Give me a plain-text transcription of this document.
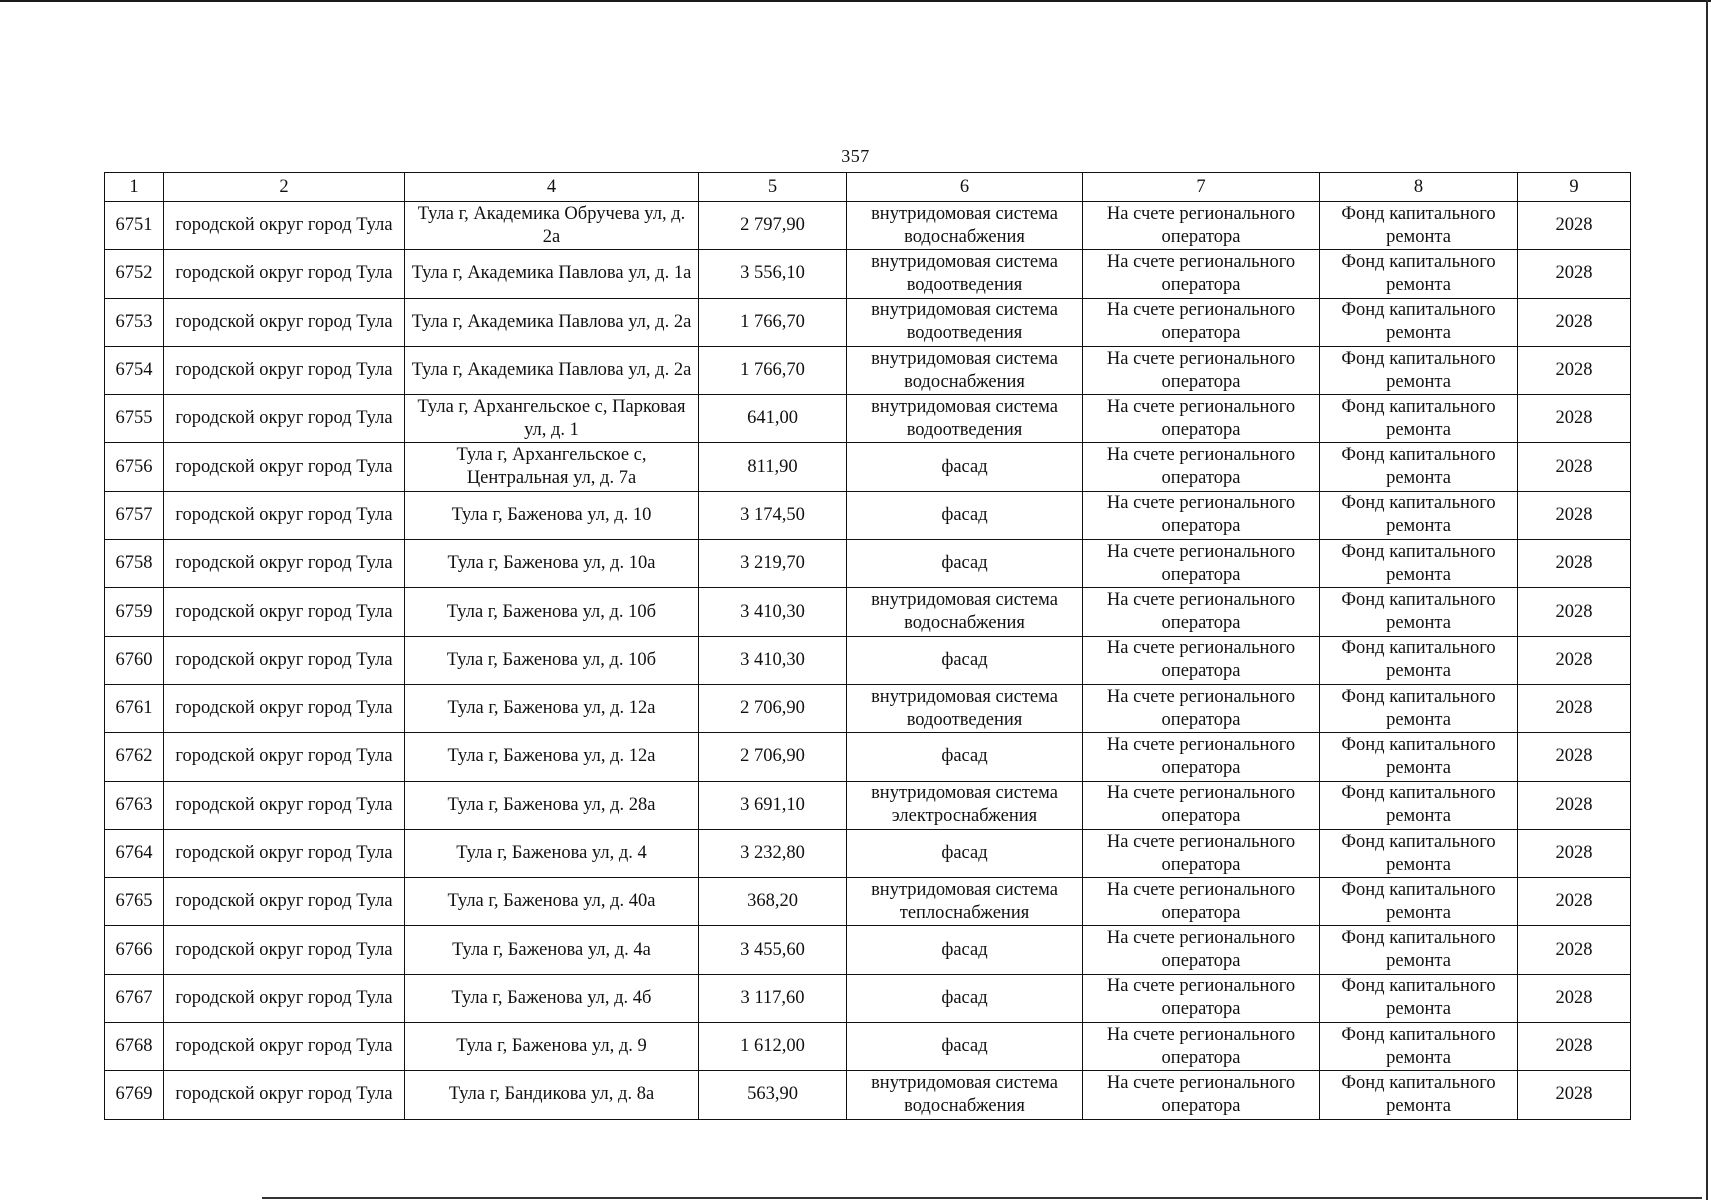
357
1	2	4	5	6	7	8	9
6751	городской округ город Тула	Тула г, Академика Обручева ул, д. 2а	2 797,90	внутридомовая система водоснабжения	На счете регионального оператора	Фонд капитального ремонта	2028
6752	городской округ город Тула	Тула г, Академика Павлова ул, д. 1а	3 556,10	внутридомовая система водоотведения	На счете регионального оператора	Фонд капитального ремонта	2028
6753	городской округ город Тула	Тула г, Академика Павлова ул, д. 2а	1 766,70	внутридомовая система водоотведения	На счете регионального оператора	Фонд капитального ремонта	2028
6754	городской округ город Тула	Тула г, Академика Павлова ул, д. 2а	1 766,70	внутридомовая система водоснабжения	На счете регионального оператора	Фонд капитального ремонта	2028
6755	городской округ город Тула	Тула г, Архангельское с, Парковая ул, д. 1	641,00	внутридомовая система водоотведения	На счете регионального оператора	Фонд капитального ремонта	2028
6756	городской округ город Тула	Тула г, Архангельское с, Центральная ул, д. 7а	811,90	фасад	На счете регионального оператора	Фонд капитального ремонта	2028
6757	городской округ город Тула	Тула г, Баженова ул, д. 10	3 174,50	фасад	На счете регионального оператора	Фонд капитального ремонта	2028
6758	городской округ город Тула	Тула г, Баженова ул, д. 10а	3 219,70	фасад	На счете регионального оператора	Фонд капитального ремонта	2028
6759	городской округ город Тула	Тула г, Баженова ул, д. 10б	3 410,30	внутридомовая система водоснабжения	На счете регионального оператора	Фонд капитального ремонта	2028
6760	городской округ город Тула	Тула г, Баженова ул, д. 10б	3 410,30	фасад	На счете регионального оператора	Фонд капитального ремонта	2028
6761	городской округ город Тула	Тула г, Баженова ул, д. 12а	2 706,90	внутридомовая система водоотведения	На счете регионального оператора	Фонд капитального ремонта	2028
6762	городской округ город Тула	Тула г, Баженова ул, д. 12а	2 706,90	фасад	На счете регионального оператора	Фонд капитального ремонта	2028
6763	городской округ город Тула	Тула г, Баженова ул, д. 28а	3 691,10	внутридомовая система электроснабжения	На счете регионального оператора	Фонд капитального ремонта	2028
6764	городской округ город Тула	Тула г, Баженова ул, д. 4	3 232,80	фасад	На счете регионального оператора	Фонд капитального ремонта	2028
6765	городской округ город Тула	Тула г, Баженова ул, д. 40а	368,20	внутридомовая система теплоснабжения	На счете регионального оператора	Фонд капитального ремонта	2028
6766	городской округ город Тула	Тула г, Баженова ул, д. 4а	3 455,60	фасад	На счете регионального оператора	Фонд капитального ремонта	2028
6767	городской округ город Тула	Тула г, Баженова ул, д. 4б	3 117,60	фасад	На счете регионального оператора	Фонд капитального ремонта	2028
6768	городской округ город Тула	Тула г, Баженова ул, д. 9	1 612,00	фасад	На счете регионального оператора	Фонд капитального ремонта	2028
6769	городской округ город Тула	Тула г, Бандикова ул, д. 8а	563,90	внутридомовая система водоснабжения	На счете регионального оператора	Фонд капитального ремонта	2028
